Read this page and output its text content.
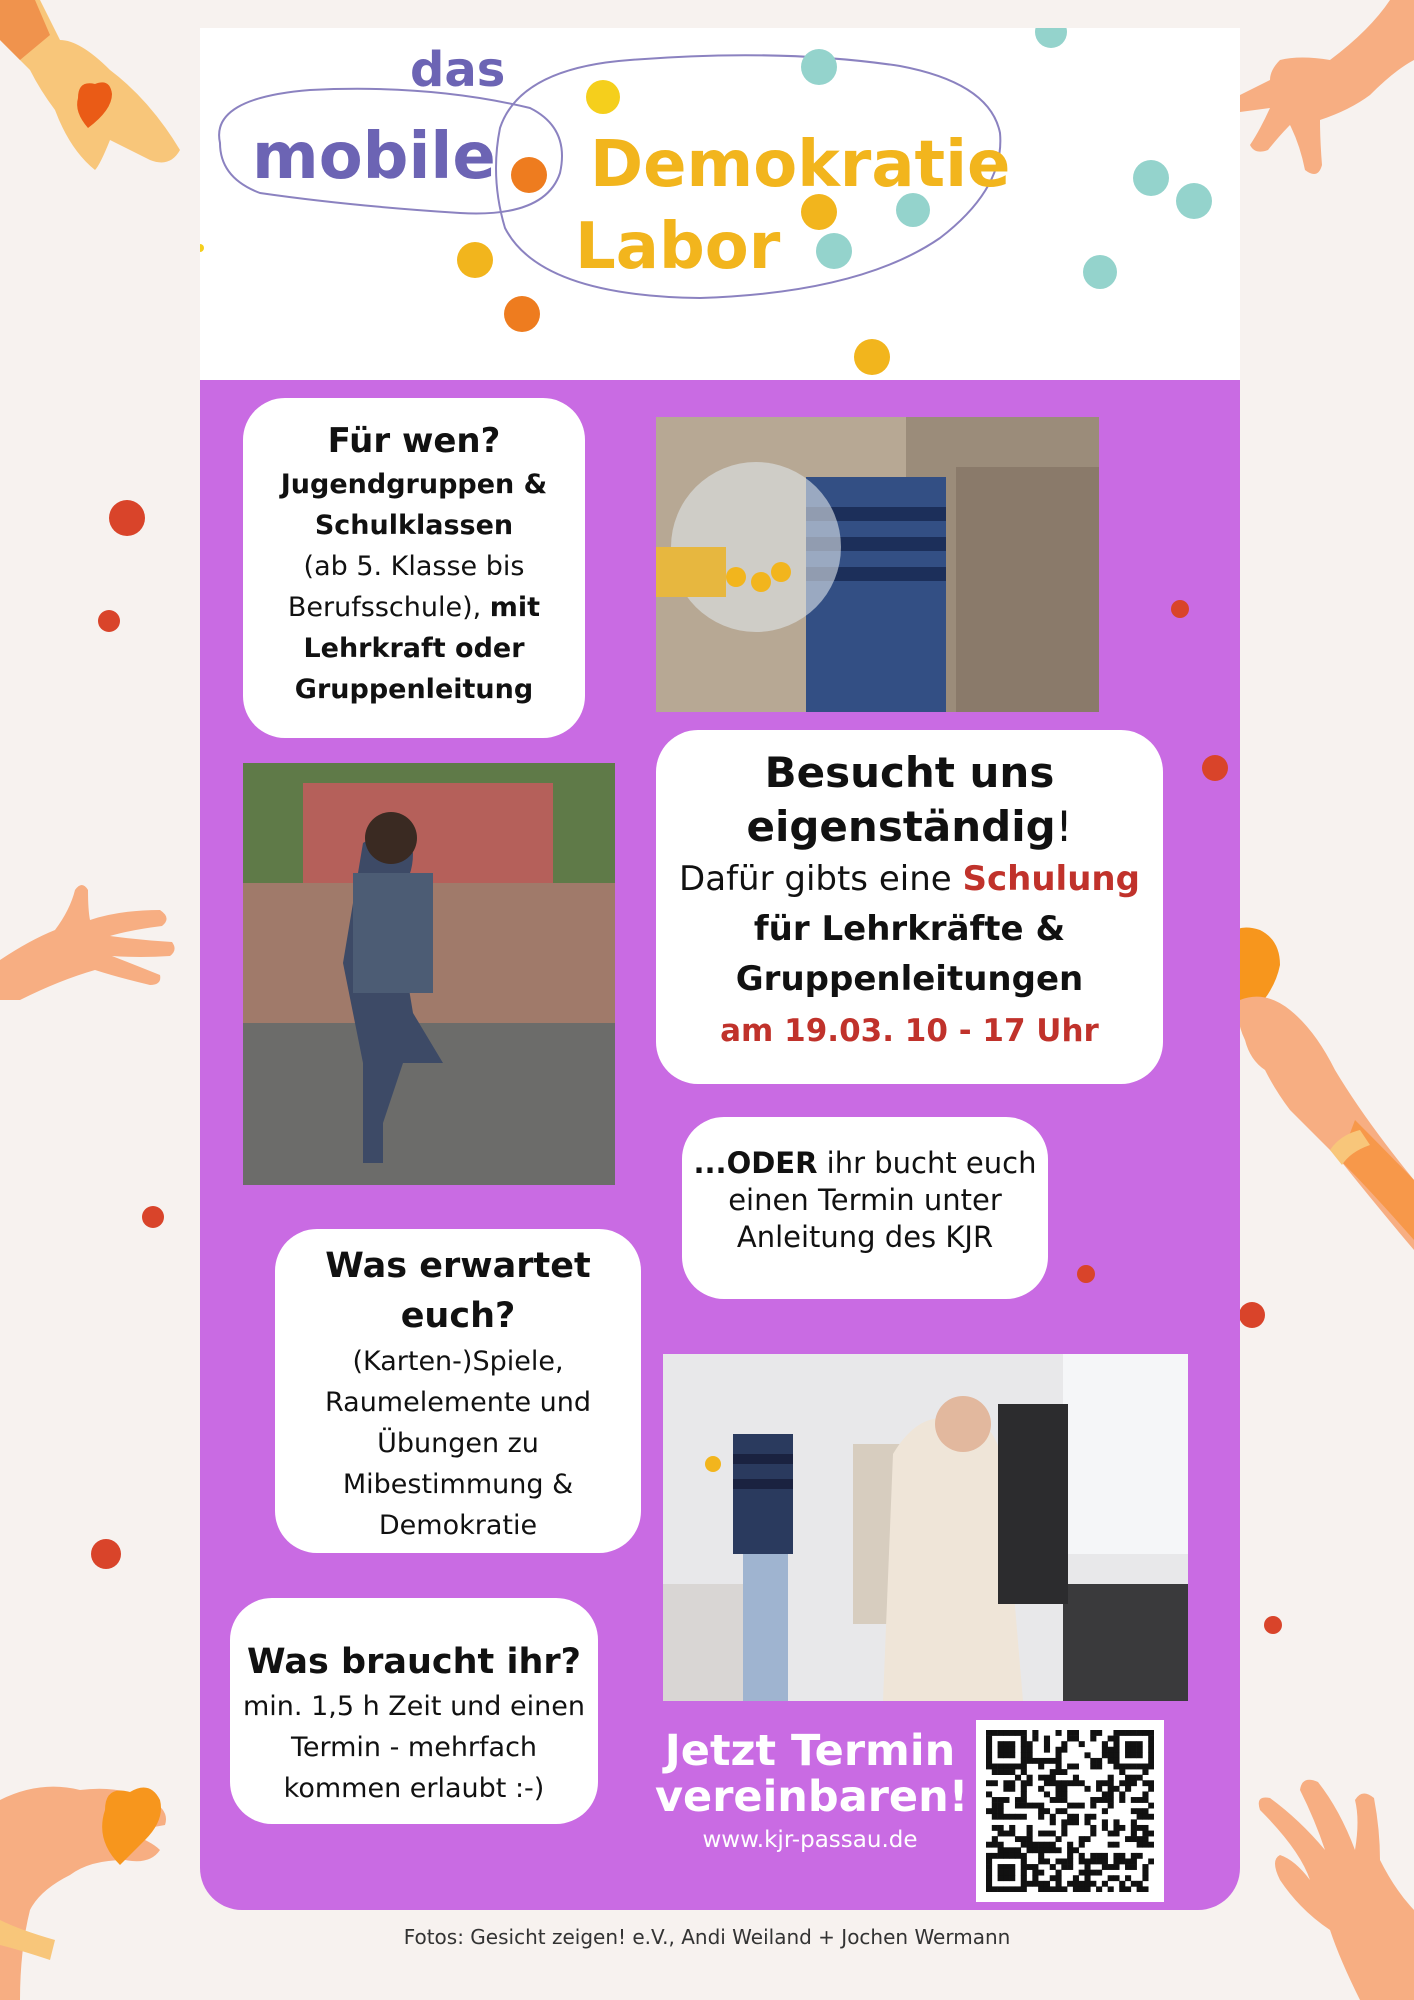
das
mobile Demokratie
Labor
Für wen?
Jugendgruppen &
Schulklassen
(ab 5. Klasse bis
Berufsschule), mit
Lehrkraft oder
Gruppenleitung
Besucht uns
eigenständig!
Dafür gibts eine Schulung
für Lehrkräfte &
Gruppenleitungen
am 19.03. 10 - 17 Uhr
...ODER ihr bucht euch
einen Termin unter
Anleitung des KJR
Was erwartet
euch?
(Karten-)Spiele,
Raumelemente und
Übungen zu
Mibestimmung &
Demokratie
Was braucht ihr?
min. 1,5 h Zeit und einen
Termin - mehrfach
kommen erlaubt :-)
Jetzt Termin
vereinbaren!
www.kjr-passau.de
Fotos: Gesicht zeigen! e.V., Andi Weiland + Jochen Wermann
